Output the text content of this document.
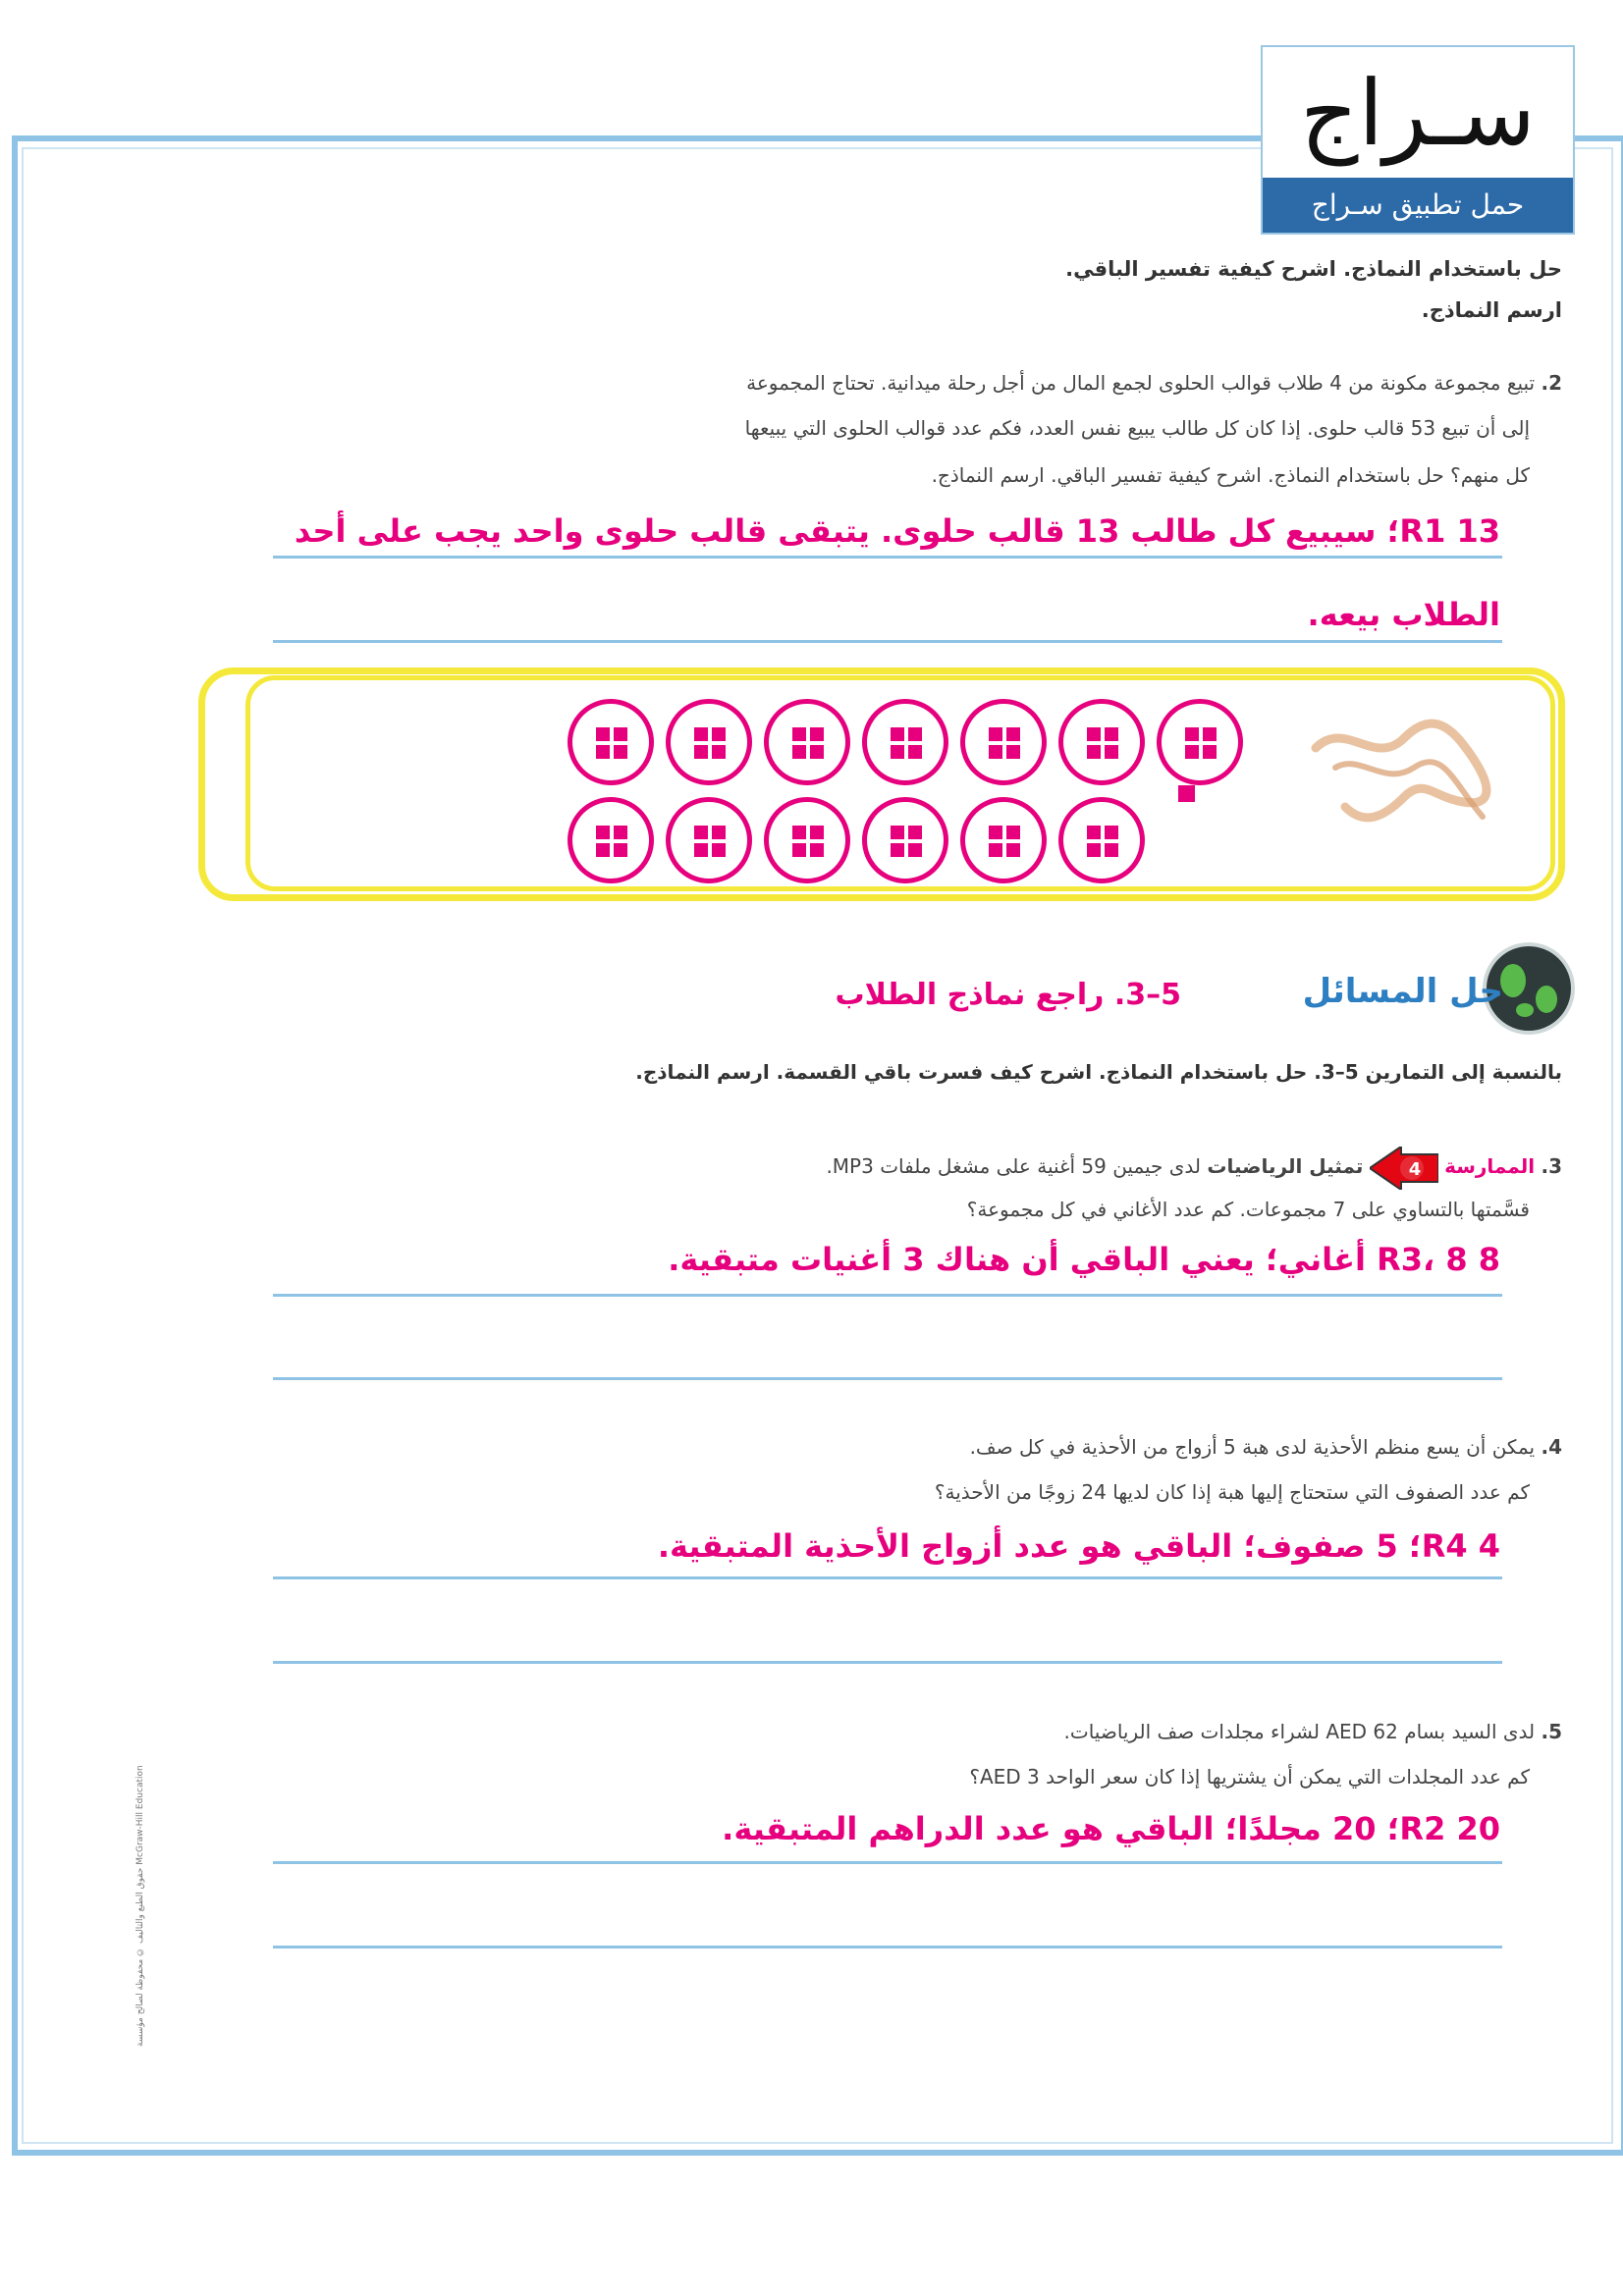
سـراج
حمل تطبيق سـراج
حل باستخدام النماذج. اشرح كيفية تفسير الباقي.
ارسم النماذج.
2. تبيع مجموعة مكونة من 4 طلاب قوالب الحلوى لجمع المال من أجل رحلة ميدانية. تحتاج المجموعة
إلى أن تبيع 53 قالب حلوى. إذا كان كل طالب يبيع نفس العدد، فكم عدد قوالب الحلوى التي يبيعها
كل منهم؟ حل باستخدام النماذج. اشرح كيفية تفسير الباقي. ارسم النماذج.
13 R1؛ سيبيع كل طالب 13 قالب حلوى. يتبقى قالب حلوى واحد يجب على أحد
الطلاب بيعه.
حل المسائل
5–3. راجع نماذج الطلاب
بالنسبة إلى التمارين 5–3. حل باستخدام النماذج. اشرح كيف فسرت باقي القسمة. ارسم النماذج.
3. الممارسة
4
تمثيل الرياضيات لدى جيمين 59 أغنية على مشغل ملفات MP3.
قسَّمتها بالتساوي على 7 مجموعات. كم عدد الأغاني في كل مجموعة؟
8 R3، 8 أغاني؛ يعني الباقي أن هناك 3 أغنيات متبقية.
4. يمكن أن يسع منظم الأحذية لدى هبة 5 أزواج من الأحذية في كل صف.
كم عدد الصفوف التي ستحتاج إليها هبة إذا كان لديها 24 زوجًا من الأحذية؟
4 R4؛ 5 صفوف؛ الباقي هو عدد أزواج الأحذية المتبقية.
5. لدى السيد بسام AED 62 لشراء مجلدات صف الرياضيات.
كم عدد المجلدات التي يمكن أن يشتريها إذا كان سعر الواحد AED 3؟
20 R2؛ 20 مجلدًا؛ الباقي هو عدد الدراهم المتبقية.
حقوق الطبع والتأليف © محفوظة لصالح مؤسسة McGraw-Hill Education
